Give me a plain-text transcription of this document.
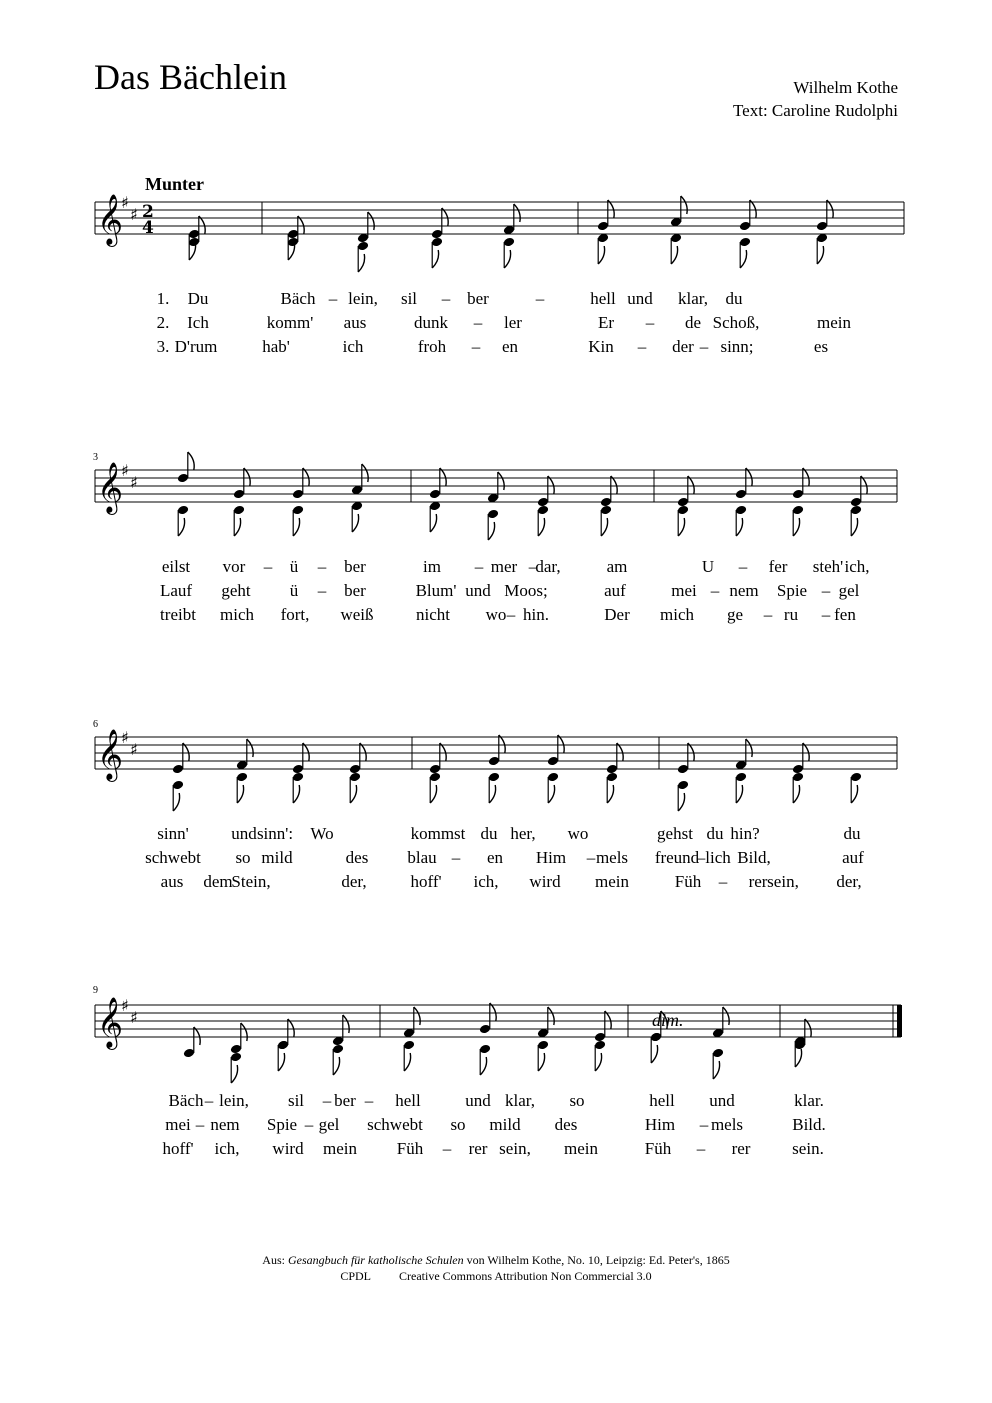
Das Bächlein	Wilhelm Kothe
Text: Caroline Rudolphi
Munter
3
6
9
dim.
𝄞
♯
♯ 2
4
𝄞
♯
♯
𝄞
♯
♯
𝄞
♯
♯
1. Du	Bäch – lein, sil – ber	–	hell und klar, du
2. Ich	komm' aus	dunk – ler	Er – de Schoß,	mein
3. D'rum	hab'	ich	froh – en	Kin – der – sinn;	es
eilst vor – ü – ber	im – mer –
dar,	am	U – fer steh' ich,
Lauf geht ü – ber	Blum' und Moos;	auf	mei – nem Spie – gel
treibt mich fort, weiß nicht wo – hin.	Der mich ge – ru – fen
sinn'	und sinn': Wo	kommst du her, wo	gehst du hin?	du
schwebt so mild	des blau – en Him – mels freund
– lich Bild,	auf
aus dem
Stein,	der,	hoff' ich, wird mein	Füh – rer sein, der,
Bäch – lein, sil – ber – hell	und klar, so	hell und	klar.
mei – nem Spie – gel schwebt so mild des	Him – mels	Bild.
hoff' ich, wird mein Füh – rer sein, mein	Füh – rer sein.
Aus: Gesangbuch für katholische Schulen von Wilhelm Kothe, No. 10, Leipzig: Ed. Peter's, 1865
CPDL Creative Commons Attribution Non Commercial 3.0
